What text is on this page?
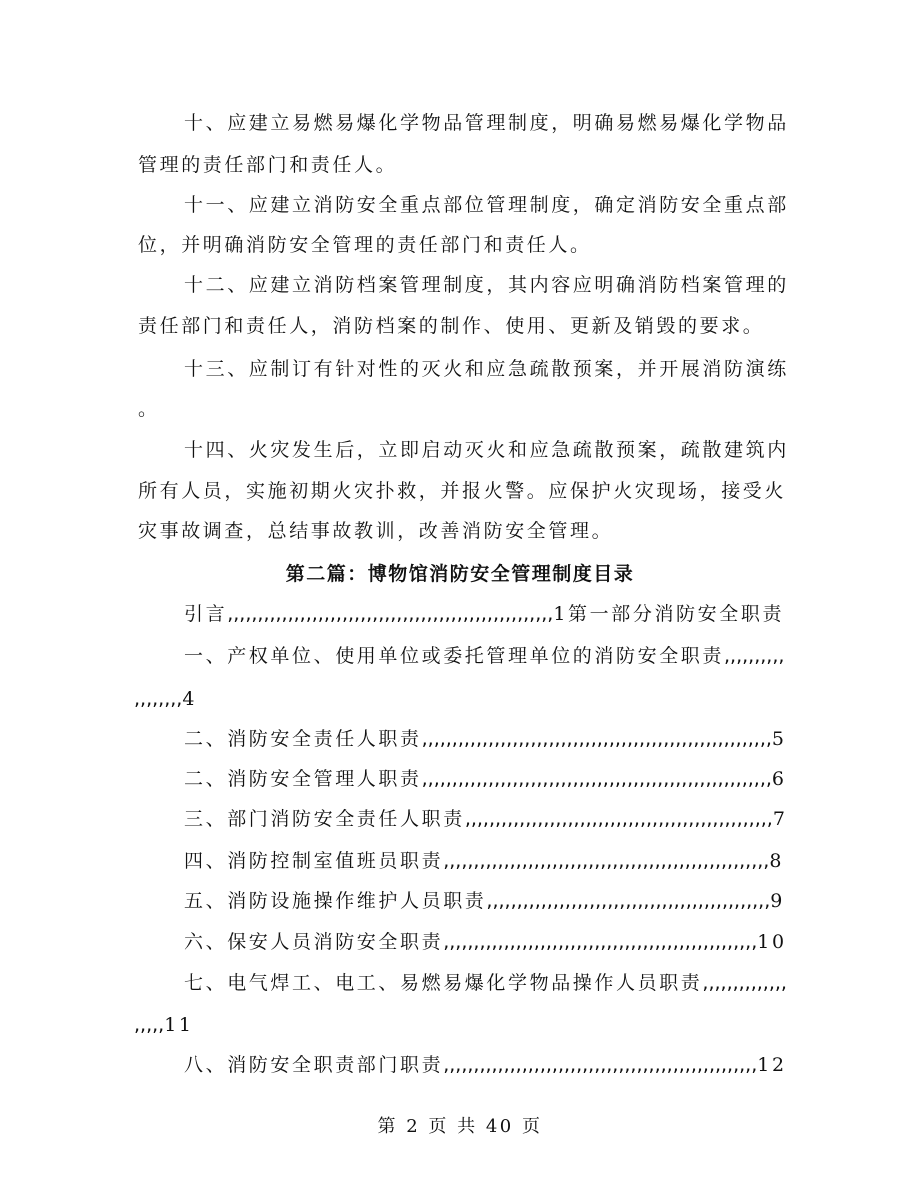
十、应建立易燃易爆化学物品管理制度，明确易燃易爆化学物品
管理的责任部门和责任人。
十一、应建立消防安全重点部位管理制度，确定消防安全重点部
位，并明确消防安全管理的责任部门和责任人。
十二、应建立消防档案管理制度，其内容应明确消防档案管理的
责任部门和责任人，消防档案的制作、使用、更新及销毁的要求。
十三、应制订有针对性的灭火和应急疏散预案，并开展消防演练
。
十四、火灾发生后，立即启动灭火和应急疏散预案，疏散建筑内
所有人员，实施初期火灾扑救，并报火警。应保护火灾现场，接受火
灾事故调查，总结事故教训，改善消防安全管理。
第二篇：博物馆消防安全管理制度目录
引言,,,,,,,,,,,,,,,,,,,,,,,,,,,,,,,,,,,,,,,,,,,,,,,,,,,,,,1第一部分消防安全职责
一、产权单位、使用单位或委托管理单位的消防安全职责,,,,,,,,,,
,,,,,,,,4
二、消防安全责任人职责,,,,,,,,,,,,,,,,,,,,,,,,,,,,,,,,,,,,,,,,,,,,,,,,,,,,,,,,,,5
二、消防安全管理人职责,,,,,,,,,,,,,,,,,,,,,,,,,,,,,,,,,,,,,,,,,,,,,,,,,,,,,,,,,,6
三、部门消防安全责任人职责,,,,,,,,,,,,,,,,,,,,,,,,,,,,,,,,,,,,,,,,,,,,,,,,,,,7
四、消防控制室值班员职责,,,,,,,,,,,,,,,,,,,,,,,,,,,,,,,,,,,,,,,,,,,,,,,,,,,,,,8
五、消防设施操作维护人员职责,,,,,,,,,,,,,,,,,,,,,,,,,,,,,,,,,,,,,,,,,,,,,,,9
六、保安人员消防安全职责,,,,,,,,,,,,,,,,,,,,,,,,,,,,,,,,,,,,,,,,,,,,,,,,,,,,10
七、电气焊工、电工、易燃易爆化学物品操作人员职责,,,,,,,,,,,,,,
,,,,,11
八、消防安全职责部门职责,,,,,,,,,,,,,,,,,,,,,,,,,,,,,,,,,,,,,,,,,,,,,,,,,,,,12
第 2 页 共 40 页
